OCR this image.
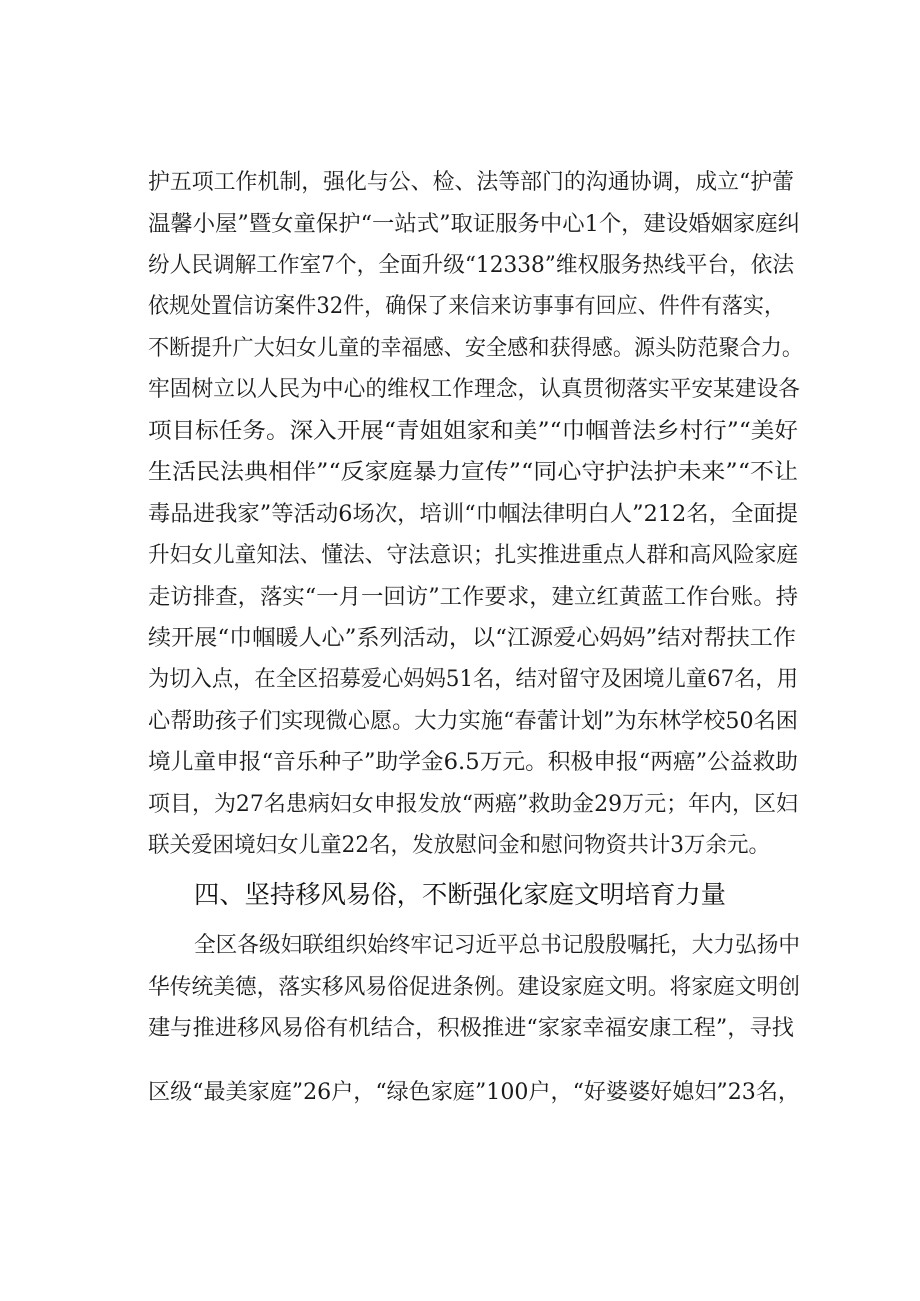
护五项工作机制，强化与公、检、法等部门的沟通协调，成立“护蕾
温馨小屋”暨女童保护“一站式”取证服务中心1个，建设婚姻家庭纠
纷人民调解工作室7个，全面升级“12338”维权服务热线平台，依法
依规处置信访案件32件，确保了来信来访事事有回应、件件有落实，
不断提升广大妇女儿童的幸福感、安全感和获得感。源头防范聚合力。
牢固树立以人民为中心的维权工作理念，认真贯彻落实平安某建设各
项目标任务。深入开展“青姐姐家和美”“巾帼普法乡村行”“美好
生活民法典相伴”“反家庭暴力宣传”“同心守护法护未来”“不让
毒品进我家”等活动6场次，培训“巾帼法律明白人”212名，全面提
升妇女儿童知法、懂法、守法意识；扎实推进重点人群和高风险家庭
走访排查，落实“一月一回访”工作要求，建立红黄蓝工作台账。持
续开展“巾帼暖人心”系列活动，以“江源爱心妈妈”结对帮扶工作
为切入点，在全区招募爱心妈妈51名，结对留守及困境儿童67名，用
心帮助孩子们实现微心愿。大力实施“春蕾计划”为东林学校50名困
境儿童申报“音乐种子”助学金6.5万元。积极申报“两癌”公益救助
项目，为27名患病妇女申报发放“两癌”救助金29万元；年内，区妇
联关爱困境妇女儿童22名，发放慰问金和慰问物资共计3万余元。
四、坚持移风易俗，不断强化家庭文明培育力量
全区各级妇联组织始终牢记习近平总书记殷殷嘱托，大力弘扬中
华传统美德，落实移风易俗促进条例。建设家庭文明。将家庭文明创
建与推进移风易俗有机结合，积极推进“家家幸福安康工程”，寻找
区级“最美家庭”26户，“绿色家庭”100户，“好婆婆好媳妇”23名，
